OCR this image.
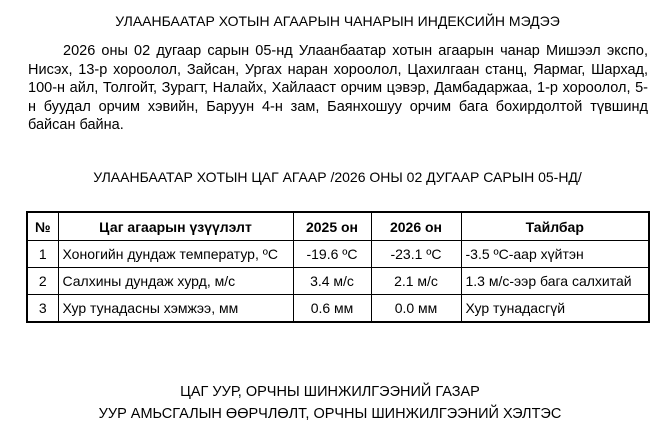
УЛААНБААТАР ХОТЫН АГААРЫН ЧАНАРЫН ИНДЕКСИЙН МЭДЭЭ

2026 оны 02 дугаар сарын 05-нд Улаанбаатар хотын агаарын чанар Мишээл экспо, Нисэх, 13-р хороолол, Зайсан, Ургах наран хороолол, Цахилгаан станц, Яармаг, Шархад, 100-н айл, Толгойт, Зурагт, Налайх, Хайлааст орчим цэвэр, Дамбадаржаа, 1-р хороолол, 5-н буудал орчим хэвийн, Баруун 4-н зам, Баянхошуу орчим бага бохирдолтой түвшинд байсан байна.

УЛААНБААТАР ХОТЫН ЦАГ АГААР /2026 ОНЫ 02 ДУГААР САРЫН 05-НД/
№	Цаг агаарын үзүүлэлт	2025 он	2026 он	Тайлбар
1	Хоногийн дундаж температур, ºС	-19.6 ºС	-23.1 ºС	-3.5 ºС-аар хүйтэн
2	Салхины дундаж хурд, м/с	3.4 м/с	2.1 м/с	1.3 м/с-ээр бага салхитай
3	Хур тунадасны хэмжээ, мм	0.6 мм	0.0 мм	Хур тунадасгүй
ЦАГ УУР, ОРЧНЫ ШИНЖИЛГЭЭНИЙ ГАЗАР
УУР АМЬСГАЛЫН ӨӨРЧЛӨЛТ, ОРЧНЫ ШИНЖИЛГЭЭНИЙ ХЭЛТЭС
